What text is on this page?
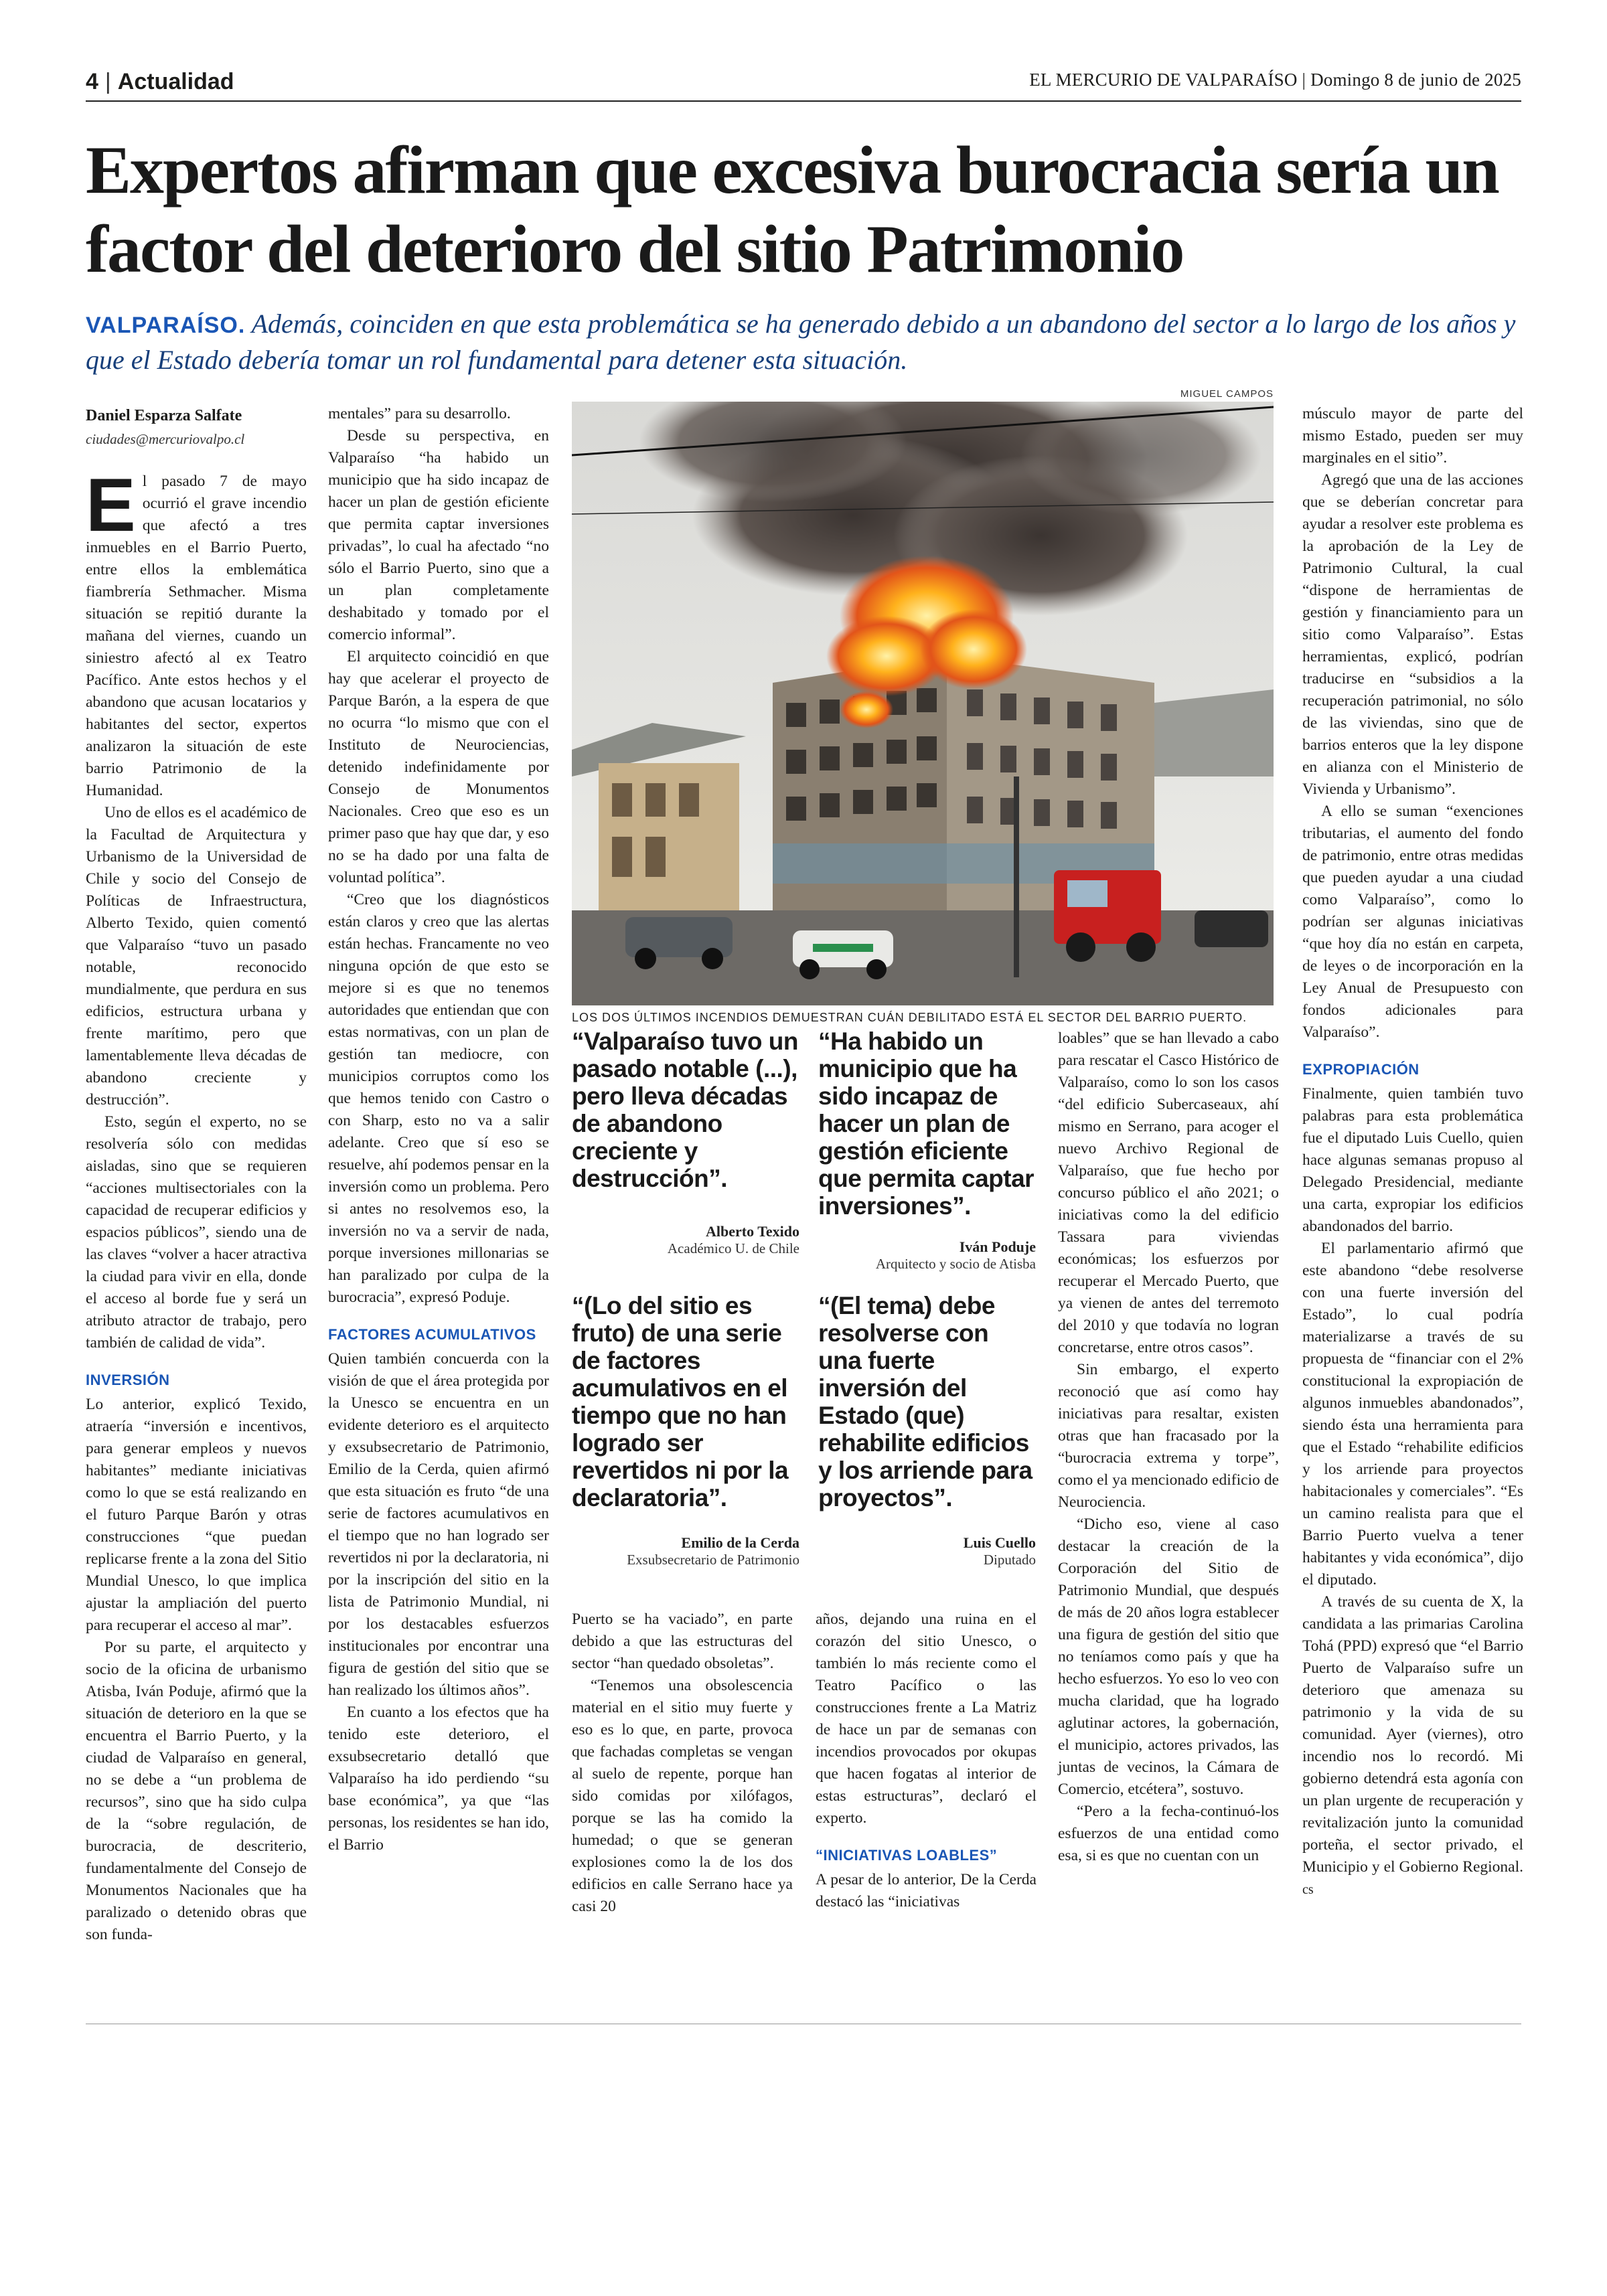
4 | Actualidad	EL MERCURIO DE VALPARAÍSO | Domingo 8 de junio de 2025
Expertos afirman que excesiva burocracia sería un factor del deterioro del sitio Patrimonio

VALPARAÍSO. Además, coinciden en que esta problemática se ha generado debido a un abandono del sector a lo largo de los años y que el Estado debería tomar un rol fundamental para detener esta situación.

Daniel Esparza Salfate

ciudades@mercuriovalpo.cl

El pasado 7 de mayo ocurrió el grave incendio que afectó a tres inmuebles en el Barrio Puerto, entre ellos la emblemática fiambrería Sethmacher. Misma situación se repitió durante la mañana del viernes, cuando un siniestro afectó al ex Teatro Pacífico. Ante estos hechos y el abandono que acusan locatarios y habitantes del sector, expertos analizaron la situación de este barrio Patrimonio de la Humanidad.

Uno de ellos es el académico de la Facultad de Arquitectura y Urbanismo de la Universidad de Chile y socio del Consejo de Políticas de Infraestructura, Alberto Texido, quien comentó que Valparaíso “tuvo un pasado notable, reconocido mundialmente, que perdura en sus edificios, estructura urbana y frente marítimo, pero que lamentablemente lleva décadas de abandono creciente y destrucción”.

Esto, según el experto, no se resolvería sólo con medidas aisladas, sino que se requieren “acciones multisectoriales con la capacidad de recuperar edificios y espacios públicos”, siendo una de las claves “volver a hacer atractiva la ciudad para vivir en ella, donde el acceso al borde fue y será un atributo atractor de trabajo, pero también de calidad de vida”.

INVERSIÓN

Lo anterior, explicó Texido, atraería “inversión e incentivos, para generar empleos y nuevos habitantes” mediante iniciativas como lo que se está realizando en el futuro Parque Barón y otras construcciones “que puedan replicarse frente a la zona del Sitio Mundial Unesco, lo que implica ajustar la ampliación del puerto para recuperar el acceso al mar”.

Por su parte, el arquitecto y socio de la oficina de urbanismo Atisba, Iván Poduje, afirmó que la situación de deterioro en la que se encuentra el Barrio Puerto, y la ciudad de Valparaíso en general, no se debe a “un problema de recursos”, sino que ha sido culpa de la “sobre regulación, de burocracia, de descriterio, fundamentalmente del Consejo de Monumentos Nacionales que ha paralizado o detenido obras que son funda-

mentales” para su desarrollo.

Desde su perspectiva, en Valparaíso “ha habido un municipio que ha sido incapaz de hacer un plan de gestión eficiente que permita captar inversiones privadas”, lo cual ha afectado “no sólo el Barrio Puerto, sino que a un plan completamente deshabitado y tomado por el comercio informal”.

El arquitecto coincidió en que hay que acelerar el proyecto de Parque Barón, a la espera de que no ocurra “lo mismo que con el Instituto de Neurociencias, detenido indefinidamente por Consejo de Monumentos Nacionales. Creo que eso es un primer paso que hay que dar, y eso no se ha dado por una falta de voluntad política”.

“Creo que los diagnósticos están claros y creo que las alertas están hechas. Francamente no veo ninguna opción de que esto se mejore si es que no tenemos autoridades que entiendan que con estas normativas, con un plan de gestión tan mediocre, con municipios corruptos como los que hemos tenido con Castro o con Sharp, esto no va a salir adelante. Creo que sí eso se resuelve, ahí podemos pensar en la inversión como un problema. Pero si antes no resolvemos eso, la inversión no va a servir de nada, porque inversiones millonarias se han paralizado por culpa de la burocracia”, expresó Poduje.

FACTORES ACUMULATIVOS

Quien también concuerda con la visión de que el área protegida por la Unesco se encuentra en un evidente deterioro es el arquitecto y exsubsecretario de Patrimonio, Emilio de la Cerda, quien afirmó que esta situación es fruto “de una serie de factores acumulativos en el tiempo que no han logrado ser revertidos ni por la declaratoria, ni por la inscripción del sitio en la lista de Patrimonio Mundial, ni por los destacables esfuerzos institucionales por encontrar una figura de gestión del sitio que se han realizado los últimos años”.

En cuanto a los efectos que ha tenido este deterioro, el exsubsecretario detalló que Valparaíso ha ido perdiendo “su base económica”, ya que “las personas, los residentes se han ido, el Barrio

MIGUEL CAMPOS
LOS DOS ÚLTIMOS INCENDIOS DEMUESTRAN CUÁN DEBILITADO ESTÁ EL SECTOR DEL BARRIO PUERTO.
“Valparaíso tuvo un pasado notable (...), pero lleva décadas de abandono creciente y destrucción”.
Alberto Texido
Académico U. de Chile
“Ha habido un municipio que ha sido incapaz de hacer un plan de gestión eficiente que permita captar inversiones”.
Iván Poduje
Arquitecto y socio de Atisba
“(Lo del sitio es fruto) de una serie de factores acumulativos en el tiempo que no han logrado ser revertidos ni por la declaratoria”.
Emilio de la Cerda
Exsubsecretario de Patrimonio
“(El tema) debe resolverse con una fuerte inversión del Estado (que) rehabilite edificios y los arriende para proyectos”.
Luis Cuello
Diputado

Puerto se ha vaciado”, en parte debido a que las estructuras del sector “han quedado obsoletas”.

“Tenemos una obsolescencia material en el sitio muy fuerte y eso es lo que, en parte, provoca que fachadas completas se vengan al suelo de repente, porque han sido comidas por xilófagos, porque se las ha comido la humedad; o que se generan explosiones como la de los dos edificios en calle Serrano hace ya casi 20

años, dejando una ruina en el corazón del sitio Unesco, o también lo más reciente como el Teatro Pacífico o las construcciones frente a La Matriz de hace un par de semanas con incendios provocados por okupas que hacen fogatas al interior de estas estructuras”, declaró el experto.

“INICIATIVAS LOABLES”

A pesar de lo anterior, De la Cerda destacó las “iniciativas

loables” que se han llevado a cabo para rescatar el Casco Histórico de Valparaíso, como lo son los casos “del edificio Subercaseaux, ahí mismo en Serrano, para acoger el nuevo Archivo Regional de Valparaíso, que fue hecho por concurso público el año 2021; o iniciativas como la del edificio Tassara para viviendas económicas; los esfuerzos por recuperar el Mercado Puerto, que ya vienen de antes del terremoto del 2010 y que todavía no logran concretarse, entre otros casos”.

Sin embargo, el experto reconoció que así como hay iniciativas para resaltar, existen otras que han fracasado por la “burocracia extrema y torpe”, como el ya mencionado edificio de Neurociencia.

“Dicho eso, viene al caso destacar la creación de la Corporación del Sitio de Patrimonio Mundial, que después de más de 20 años logra establecer una figura de gestión del sitio que no teníamos como país y que ha hecho esfuerzos. Yo eso lo veo con mucha claridad, que ha logrado aglutinar actores, la gobernación, el municipio, actores privados, las juntas de vecinos, la Cámara de Comercio, etcétera”, sostuvo.

“Pero a la fecha-continuó-los esfuerzos de una entidad como esa, si es que no cuentan con un

músculo mayor de parte del mismo Estado, pueden ser muy marginales en el sitio”.

Agregó que una de las acciones que se deberían concretar para ayudar a resolver este problema es la aprobación de la Ley de Patrimonio Cultural, la cual “dispone de herramientas de gestión y financiamiento para un sitio como Valparaíso”. Estas herramientas, explicó, podrían traducirse en “subsidios a la recuperación patrimonial, no sólo de las viviendas, sino que de barrios enteros que la ley dispone en alianza con el Ministerio de Vivienda y Urbanismo”.

A ello se suman “exenciones tributarias, el aumento del fondo de patrimonio, entre otras medidas que pueden ayudar a una ciudad como Valparaíso”, como lo podrían ser algunas iniciativas “que hoy día no están en carpeta, de leyes o de incorporación en la Ley Anual de Presupuesto con fondos adicionales para Valparaíso”.

EXPROPIACIÓN

Finalmente, quien también tuvo palabras para esta problemática fue el diputado Luis Cuello, quien hace algunas semanas propuso al Delegado Presidencial, mediante una carta, expropiar los edificios abandonados del barrio.

El parlamentario afirmó que este abandono “debe resolverse con una fuerte inversión del Estado”, lo cual podría materializarse a través de su propuesta de “financiar con el 2% constitucional la expropiación de algunos inmuebles abandonados”, siendo ésta una herramienta para que el Estado “rehabilite edificios y los arriende para proyectos habitacionales y comerciales”. “Es un camino realista para que el Barrio Puerto vuelva a tener habitantes y vida económica”, dijo el diputado.

A través de su cuenta de X, la candidata a las primarias Carolina Tohá (PPD) expresó que “el Barrio Puerto de Valparaíso sufre un deterioro que amenaza su patrimonio y la vida de su comunidad. Ayer (viernes), otro incendio nos lo recordó. Mi gobierno detendrá esta agonía con un plan urgente de recuperación y revitalización junto la comunidad porteña, el sector privado, el Municipio y el Gobierno Regional. cs
